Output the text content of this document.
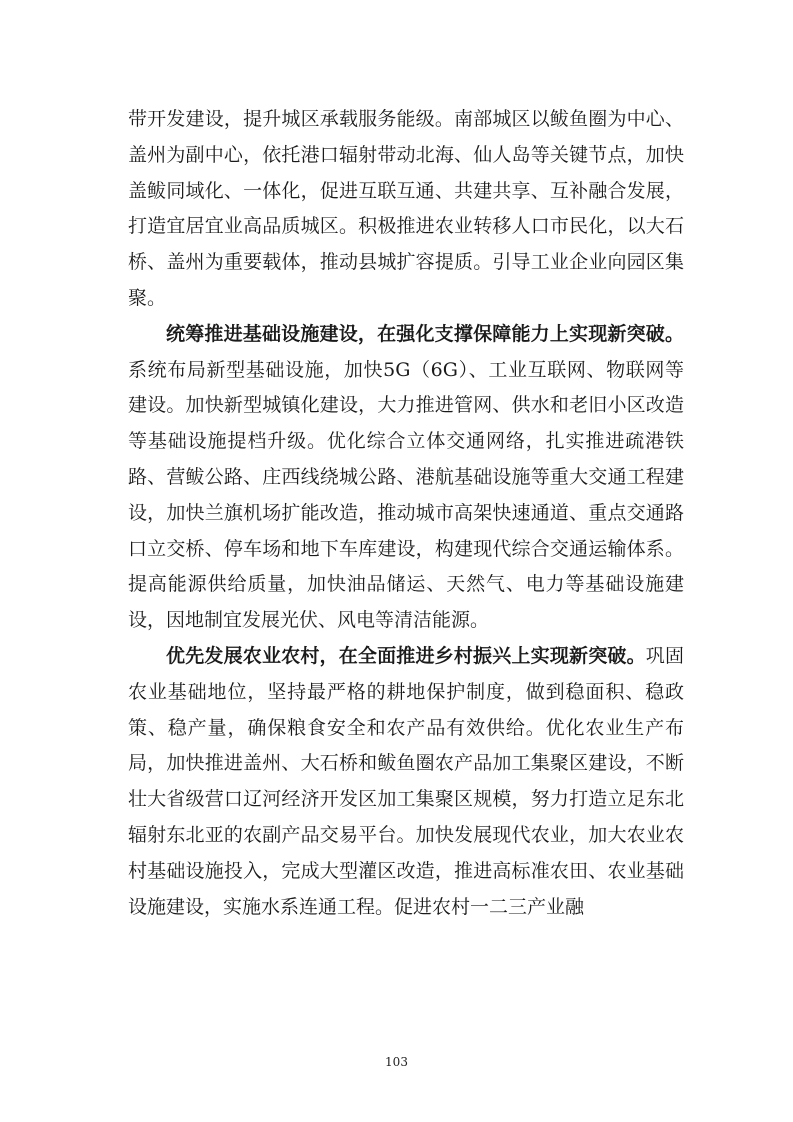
带开发建设，提升城区承载服务能级。南部城区以鲅鱼圈为中心、盖州为副中心，依托港口辐射带动北海、仙人岛等关键节点，加快盖鲅同域化、一体化，促进互联互通、共建共享、互补融合发展，打造宜居宜业高品质城区。积极推进农业转移人口市民化，以大石桥、盖州为重要载体，推动县城扩容提质。引导工业企业向园区集聚。

统筹推进基础设施建设，在强化支撑保障能力上实现新突破。系统布局新型基础设施，加快5G（6G）、工业互联网、物联网等建设。加快新型城镇化建设，大力推进管网、供水和老旧小区改造等基础设施提档升级。优化综合立体交通网络，扎实推进疏港铁路、营鲅公路、庄西线绕城公路、港航基础设施等重大交通工程建设，加快兰旗机场扩能改造，推动城市高架快速通道、重点交通路口立交桥、停车场和地下车库建设，构建现代综合交通运输体系。提高能源供给质量，加快油品储运、天然气、电力等基础设施建设，因地制宜发展光伏、风电等清洁能源。

优先发展农业农村，在全面推进乡村振兴上实现新突破。巩固农业基础地位，坚持最严格的耕地保护制度，做到稳面积、稳政策、稳产量，确保粮食安全和农产品有效供给。优化农业生产布局，加快推进盖州、大石桥和鲅鱼圈农产品加工集聚区建设，不断壮大省级营口辽河经济开发区加工集聚区规模，努力打造立足东北辐射东北亚的农副产品交易平台。加快发展现代农业，加大农业农村基础设施投入，完成大型灌区改造，推进高标准农田、农业基础设施建设，实施水系连通工程。促进农村一二三产业融

103
